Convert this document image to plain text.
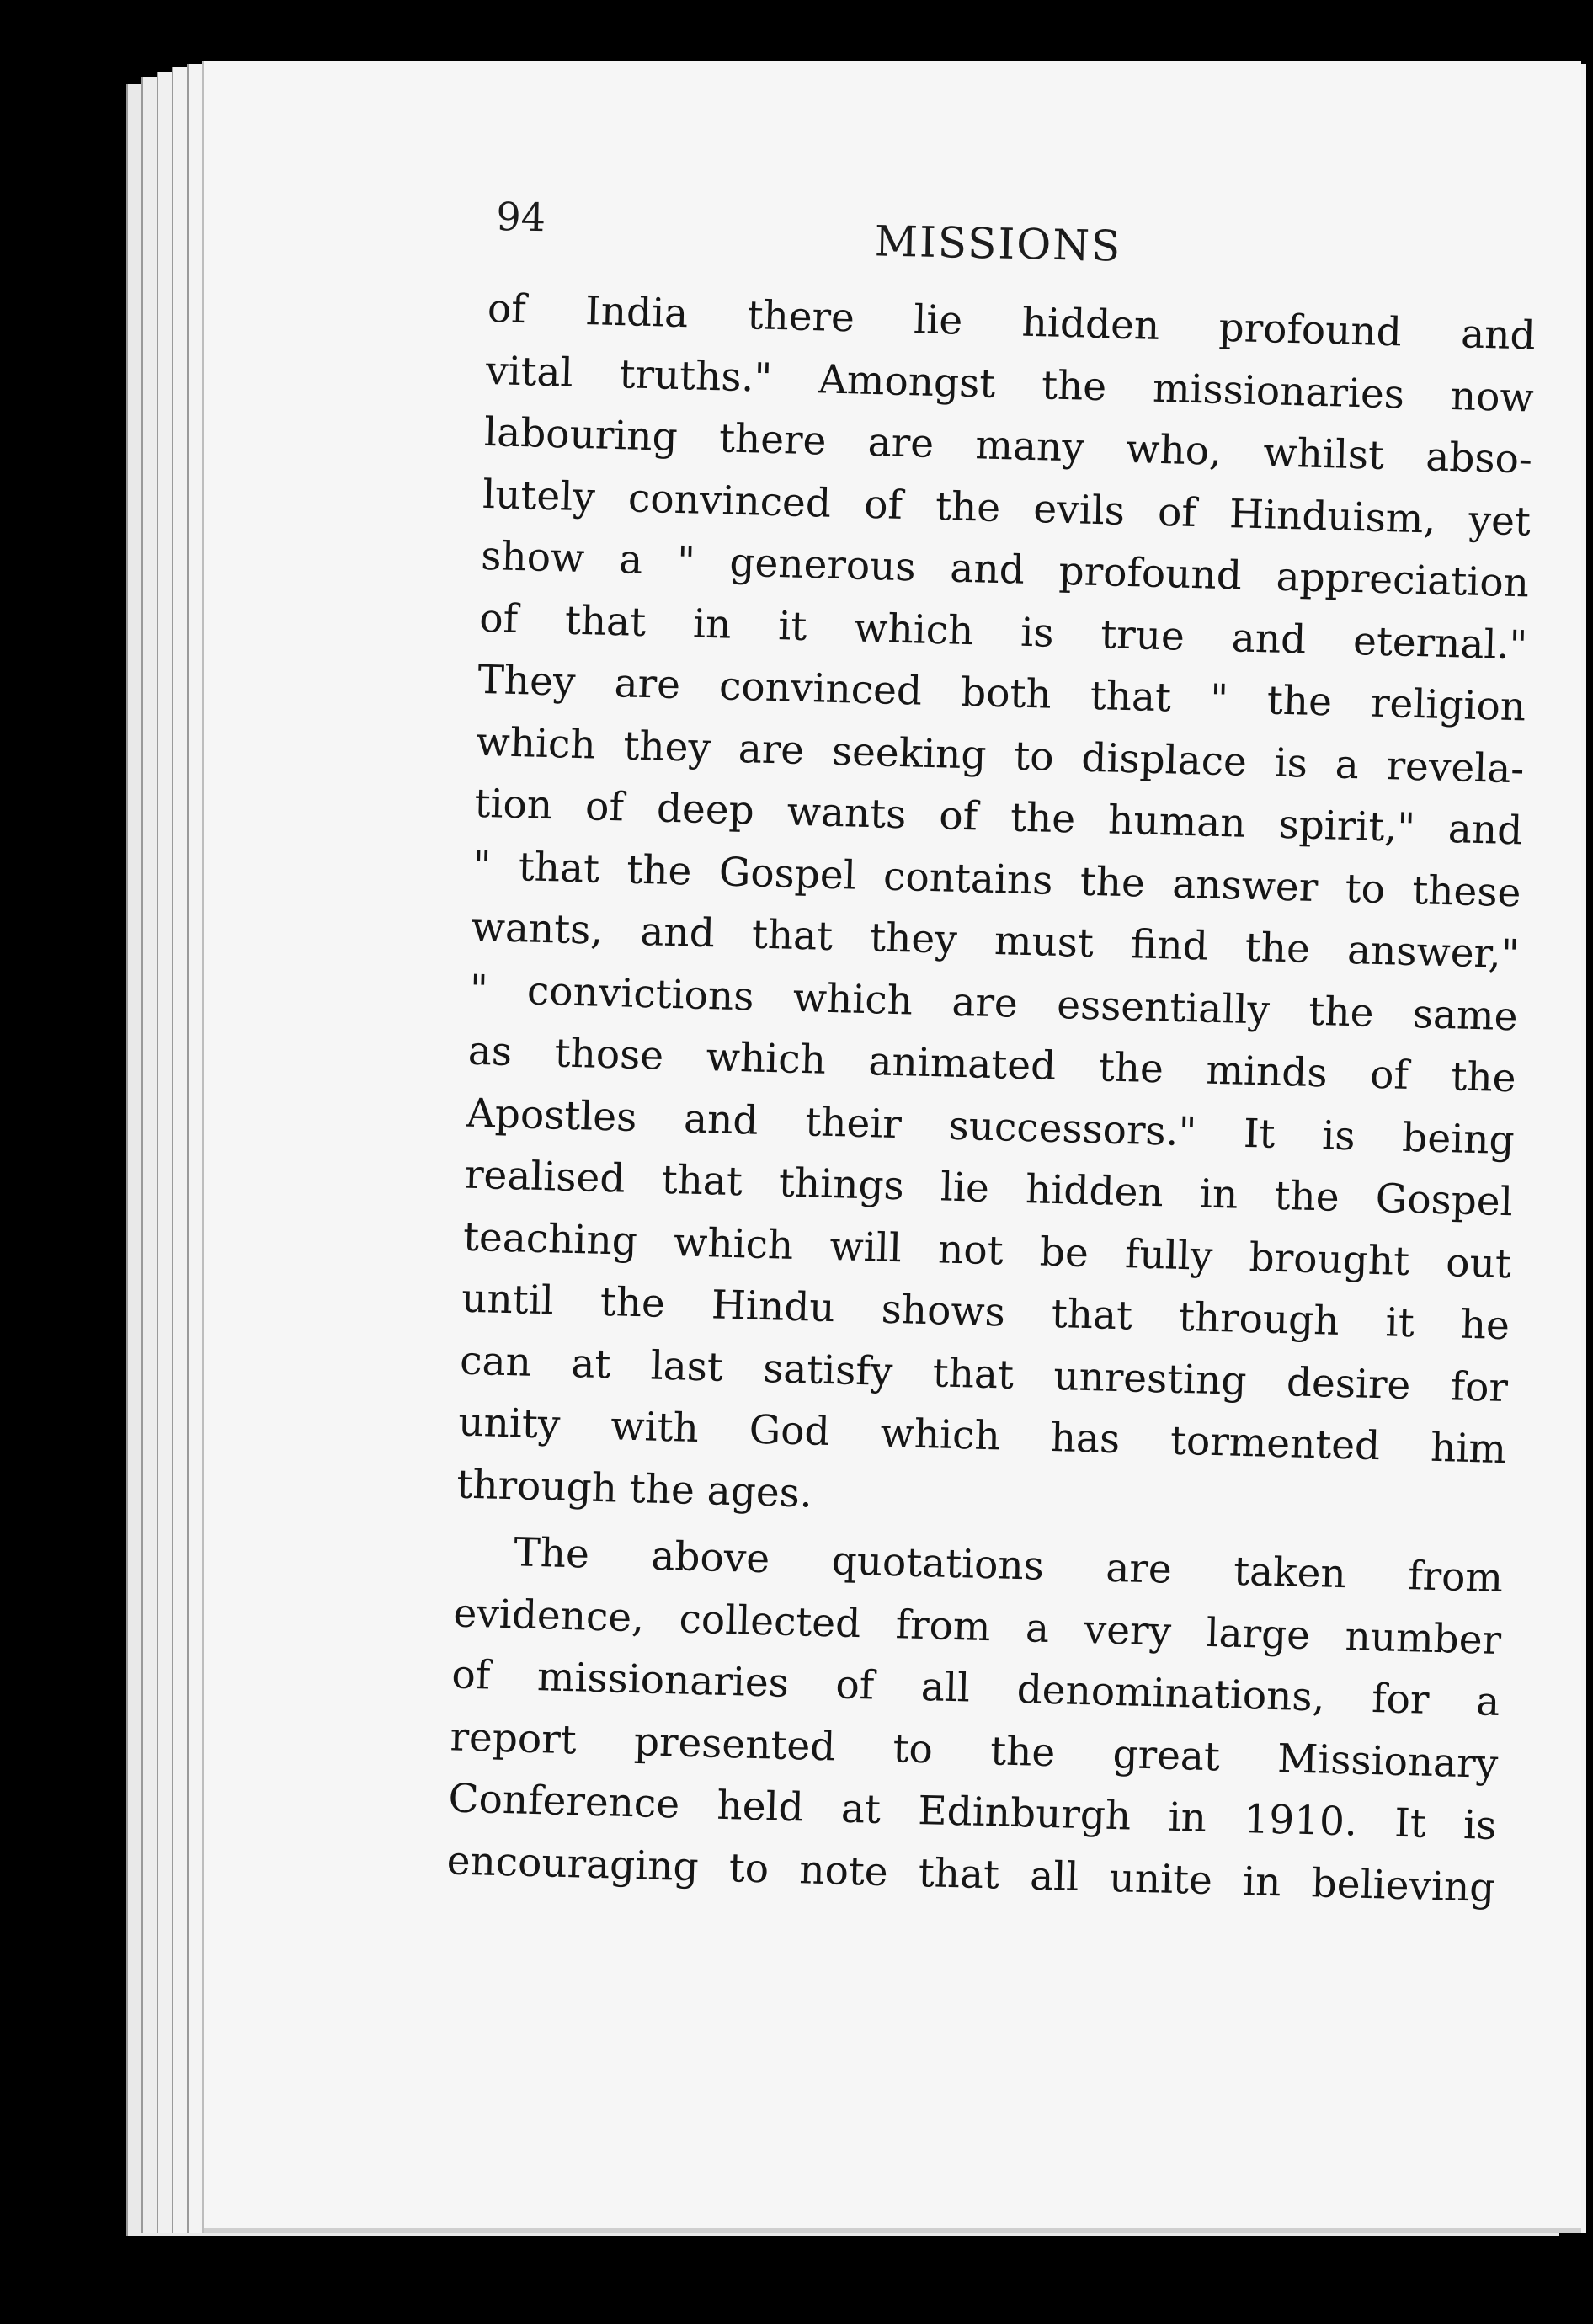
94	MISSIONS
of India there lie hidden profound and
vital truths." Amongst the missionaries now
labouring there are many who, whilst abso-
lutely convinced of the evils of Hinduism, yet
show a " generous and profound appreciation
of that in it which is true and eternal."
They are convinced both that " the religion
which they are seeking to displace is a revela-
tion of deep wants of the human spirit," and
" that the Gospel contains the answer to these
wants, and that they must find the answer,"
" convictions which are essentially the same
as those which animated the minds of the
Apostles and their successors." It is being
realised that things lie hidden in the Gospel
teaching which will not be fully brought out
until the Hindu shows that through it he
can at last satisfy that unresting desire for
unity with God which has tormented him
through the ages.
The above quotations are taken from
evidence, collected from a very large number
of missionaries of all denominations, for a
report presented to the great Missionary
Conference held at Edinburgh in 1910. It is
encouraging to note that all unite in believing
